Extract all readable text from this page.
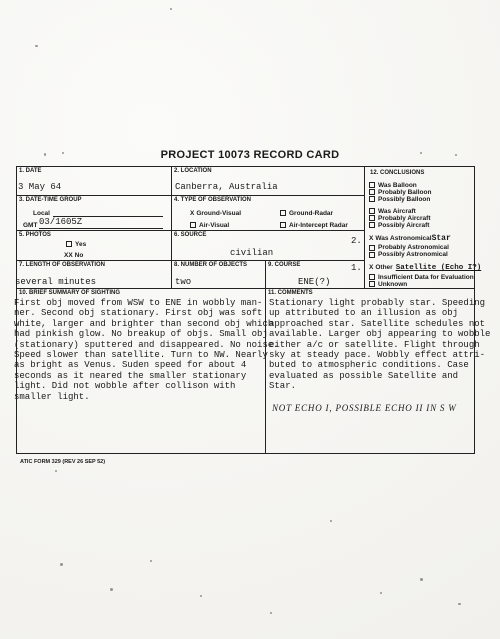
PROJECT 10073 RECORD CARD
1. DATE
3 May 64
2. LOCATION
Canberra, Australia
3. DATE-TIME GROUP
Local
GMT 03/1605Z
4. TYPE OF OBSERVATION
X Ground-Visual	Ground-Radar
Air-Visual	Air-Intercept Radar
5. PHOTOS
Yes
XX No
6. SOURCE
civilian
7. LENGTH OF OBSERVATION
several minutes
8. NUMBER OF OBJECTS
two
9. COURSE
ENE(?)
12. CONCLUSIONS
Was Balloon
Probably Balloon
Possibly Balloon
Was Aircraft
Probably Aircraft
Possibly Aircraft
X Was AstronomicalStar
Probably Astronomical
Possibly Astronomical
X Other Satellite (Echo I?)
Insufficient Data for Evaluation
Unknown
2.
1.
10. BRIEF SUMMARY OF SIGHTING
First obj moved from WSW to ENE in wobbly man-
ner. Second obj stationary. First obj was soft
white, larger and brighter than second obj which
had pinkish glow. No breakup of objs. Small obj
(stationary) sputtered and disappeared. No noise.
Speed slower than satellite. Turn to NW. Nearly
as bright as Venus. Suden speed for about 4
seconds as it neared the smaller stationary
light. Did not wobble after collison with
smaller light.
11. COMMENTS
Stationary light probably star. Speeding
up attributed to an illusion as obj
approached star. Satellite schedules not
available. Larger obj appearing to wobble
either a/c or satellite. Flight through
sky at steady pace. Wobbly effect attri-
buted to atmospheric conditions. Case
evaluated as possible Satellite and
Star.
NOT ECHO I, POSSIBLE ECHO II IN S W
ATIC FORM 329 (REV 26 SEP 52)
